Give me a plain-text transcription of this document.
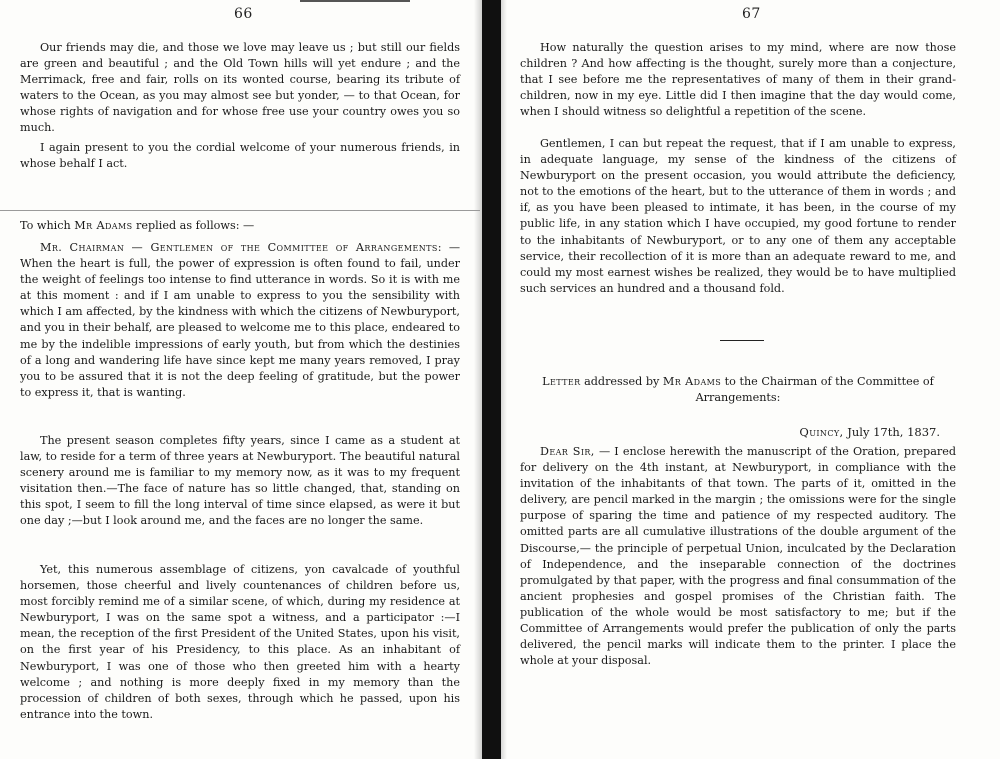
66

Our friends may die, and those we love may leave us ; but still our fields are green and beautiful ; and the Old Town hills will yet endure ; and the Merrimack, free and fair, rolls on its wonted course, bearing its tribute of waters to the Ocean, as you may almost see but yonder, — to that Ocean, for whose rights of navigation and for whose free use your country owes you so much.

I again present to you the cordial welcome of your numerous friends, in whose behalf I act.

To which Mr Adams replied as follows: —

Mr. Chairman — Gentlemen of the Committee of Arrangements: — When the heart is full, the power of expression is often found to fail, under the weight of feelings too intense to find utterance in words. So it is with me at this moment : and if I am unable to express to you the sensibility with which I am affected, by the kindness with which the citizens of Newburyport, and you in their behalf, are pleased to welcome me to this place, endeared to me by the indelible impressions of early youth, but from which the destinies of a long and wandering life have since kept me many years removed, I pray you to be assured that it is not the deep feeling of gratitude, but the power to express it, that is wanting.

The present season completes fifty years, since I came as a student at law, to reside for a term of three years at Newburyport. The beautiful natural scenery around me is familiar to my memory now, as it was to my frequent visitation then.—The face of nature has so little changed, that, standing on this spot, I seem to fill the long interval of time since elapsed, as were it but one day ;—but I look around me, and the faces are no longer the same.

Yet, this numerous assemblage of citizens, yon cavalcade of youthful horsemen, those cheerful and lively countenances of children before us, most forcibly remind me of a similar scene, of which, during my residence at Newburyport, I was on the same spot a witness, and a participator :—I mean, the reception of the first President of the United States, upon his visit, on the first year of his Presidency, to this place. As an inhabitant of Newburyport, I was one of those who then greeted him with a hearty welcome ; and nothing is more deeply fixed in my memory than the procession of children of both sexes, through which he passed, upon his entrance into the town.

67

How naturally the question arises to my mind, where are now those children ? And how affecting is the thought, surely more than a conjecture, that I see before me the representatives of many of them in their grand-children, now in my eye. Little did I then imagine that the day would come, when I should witness so delightful a repetition of the scene.

Gentlemen, I can but repeat the request, that if I am unable to express, in adequate language, my sense of the kindness of the citizens of Newburyport on the present occasion, you would attribute the deficiency, not to the emotions of the heart, but to the utterance of them in words ; and if, as you have been pleased to intimate, it has been, in the course of my public life, in any station which I have occupied, my good fortune to render to the inhabitants of Newburyport, or to any one of them any acceptable service, their recollection of it is more than an adequate reward to me, and could my most earnest wishes be realized, they would be to have multiplied such services an hundred and a thousand fold.

Letter addressed by Mr Adams to the Chairman of the Committee of Arrangements:
Quincy, July 17th, 1837.

Dear Sir, — I enclose herewith the manuscript of the Oration, prepared for delivery on the 4th instant, at Newburyport, in compliance with the invitation of the inhabitants of that town. The parts of it, omitted in the delivery, are pencil marked in the margin ; the omissions were for the single purpose of sparing the time and patience of my respected auditory. The omitted parts are all cumulative illustrations of the double argument of the Discourse,— the principle of perpetual Union, inculcated by the Declaration of Independence, and the inseparable connection of the doctrines promulgated by that paper, with the progress and final consummation of the ancient prophesies and gospel promises of the Christian faith. The publication of the whole would be most satisfactory to me; but if the Committee of Arrangements would prefer the publication of only the parts delivered, the pencil marks will indicate them to the printer. I place the whole at your disposal.
